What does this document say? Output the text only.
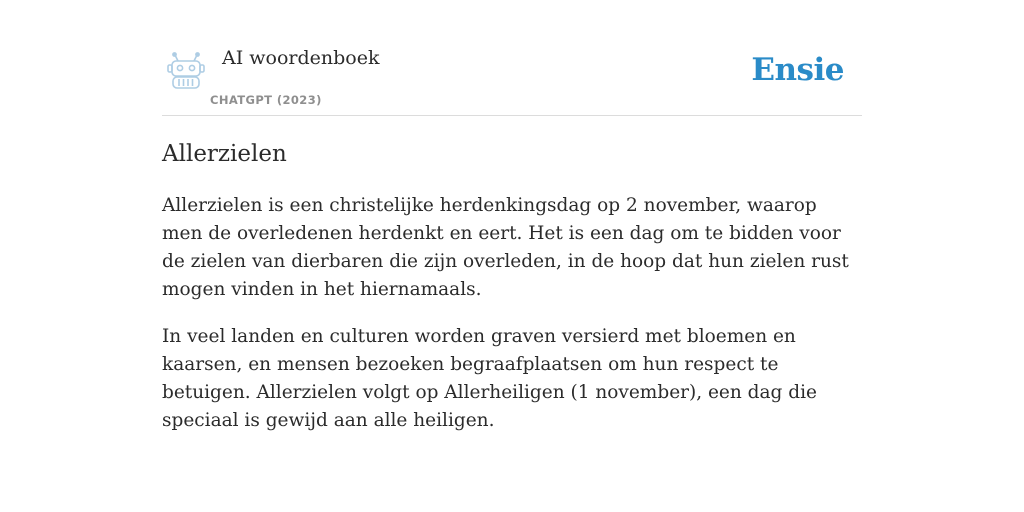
AI woordenboek
CHATGPT (2023)
Ensie
Allerzielen

Allerzielen is een christelijke herdenkingsdag op 2 november, waarop men de overledenen herdenkt en eert. Het is een dag om te bidden voor de zielen van dierbaren die zijn overleden, in de hoop dat hun zielen rust mogen vinden in het hiernamaals.

In veel landen en culturen worden graven versierd met bloemen en kaarsen, en mensen bezoeken begraafplaatsen om hun respect te betuigen. Allerzielen volgt op Allerheiligen (1 november), een dag die speciaal is gewijd aan alle heiligen.
